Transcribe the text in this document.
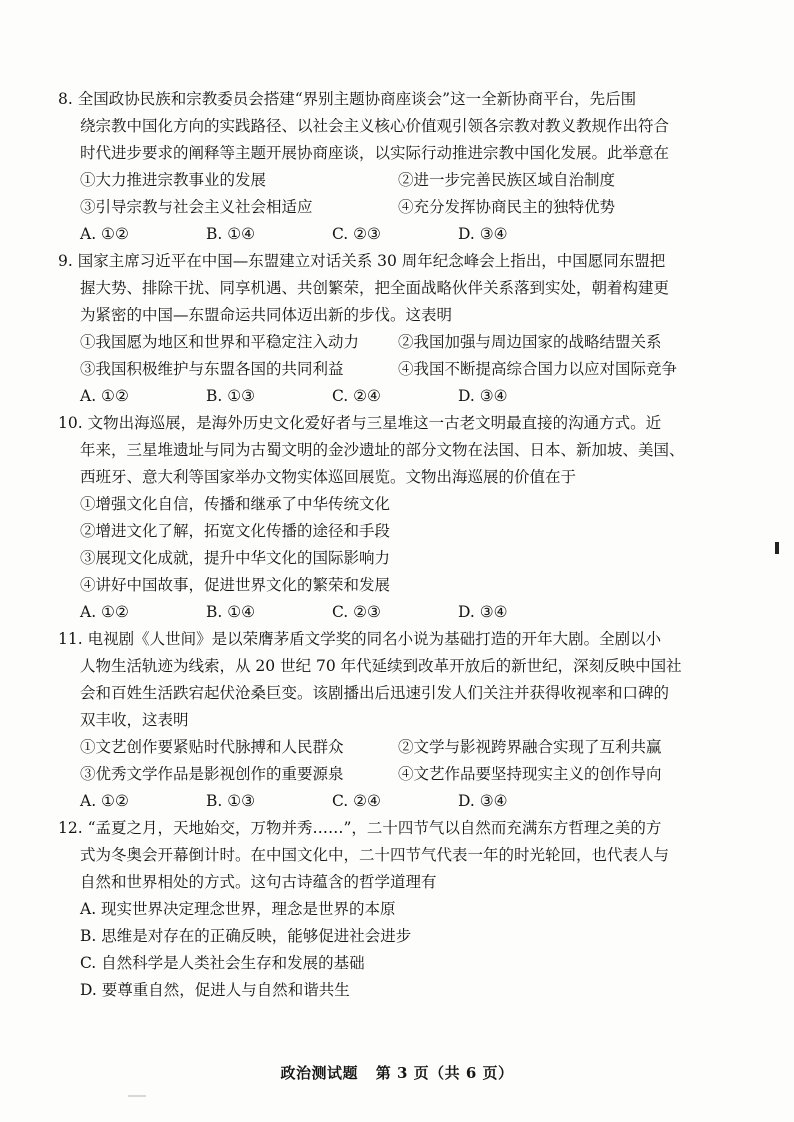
8. 全国政协民族和宗教委员会搭建“界别主题协商座谈会”这一全新协商平台，先后围
绕宗教中国化方向的实践路径、以社会主义核心价值观引领各宗教对教义教规作出符合
时代进步要求的阐释等主题开展协商座谈，以实际行动推进宗教中国化发展。此举意在
①大力推进宗教事业的发展	②进一步完善民族区域自治制度
③引导宗教与社会主义社会相适应	④充分发挥协商民主的独特优势
A. ①②	B. ①④	C. ②③	D. ③④
9. 国家主席习近平在中国—东盟建立对话关系 30 周年纪念峰会上指出，中国愿同东盟把
握大势、排除干扰、同享机遇、共创繁荣，把全面战略伙伴关系落到实处，朝着构建更
为紧密的中国—东盟命运共同体迈出新的步伐。这表明
①我国愿为地区和世界和平稳定注入动力	②我国加强与周边国家的战略结盟关系
③我国积极维护与东盟各国的共同利益	④我国不断提高综合国力以应对国际竞争
A. ①②	B. ①③	C. ②④	D. ③④
10. 文物出海巡展，是海外历史文化爱好者与三星堆这一古老文明最直接的沟通方式。近
年来，三星堆遗址与同为古蜀文明的金沙遗址的部分文物在法国、日本、新加坡、美国、
西班牙、意大利等国家举办文物实体巡回展览。文物出海巡展的价值在于
①增强文化自信，传播和继承了中华传统文化
②增进文化了解，拓宽文化传播的途径和手段
③展现文化成就，提升中华文化的国际影响力
④讲好中国故事，促进世界文化的繁荣和发展
A. ①②	B. ①④	C. ②③	D. ③④
11. 电视剧《人世间》是以荣膺茅盾文学奖的同名小说为基础打造的开年大剧。全剧以小
人物生活轨迹为线索，从 20 世纪 70 年代延续到改革开放后的新世纪，深刻反映中国社
会和百姓生活跌宕起伏沧桑巨变。该剧播出后迅速引发人们关注并获得收视率和口碑的
双丰收，这表明
①文艺创作要紧贴时代脉搏和人民群众	②文学与影视跨界融合实现了互利共赢
③优秀文学作品是影视创作的重要源泉	④文艺作品要坚持现实主义的创作导向
A. ①②	B. ①③	C. ②④	D. ③④
12. “孟夏之月，天地始交，万物并秀……”，二十四节气以自然而充满东方哲理之美的方
式为冬奥会开幕倒计时。在中国文化中，二十四节气代表一年的时光轮回，也代表人与
自然和世界相处的方式。这句古诗蕴含的哲学道理有
A. 现实世界决定理念世界，理念是世界的本原
B. 思维是对存在的正确反映，能够促进社会进步
C. 自然科学是人类社会生存和发展的基础
D. 要尊重自然，促进人与自然和谐共生
政治测试题 第 3 页（共 6 页）
